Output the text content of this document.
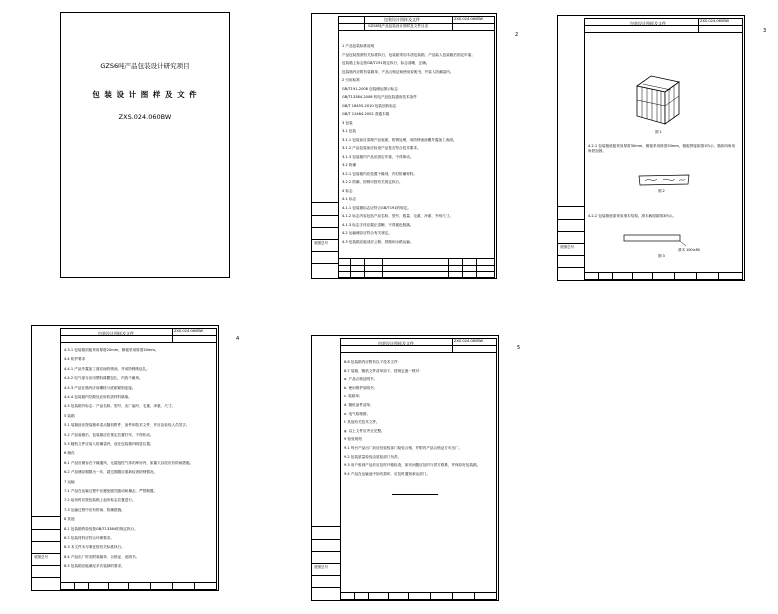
GZS6吨产品包装设计研究项目
包 装 设 计 图 样 及 文 件
ZXS.024.060BW
包装设计图样及文件	ZXS.024.060BW
GZS6吨产品包装设计图样及文件目录
1 产品包装标准说明
产品包装按照有关标准执行，包装箱采用木质包装箱，产品装入包装箱后固定牢靠。
包装箱上标志按GB/T191规定执行，标志清晰、正确。
包装箱内应附有装箱单、产品合格证和使用说明书，并装入防潮袋内。
2 引用标准
GB/T191-2008 包装储运图示标志
GB/T13384-2008 机电产品包装通用技术条件
GB/T 18455-2010 包装回收标志
GB/T 12464-2002 普通木箱
3 包装
3.1 包装
3.1.1 包装前应清理产品表面，防锈处理，用防锈油涂覆外露加工表面。
3.1.2 产品包装前应检查产品是否符合技术要求。
3.1.3 包装箱内产品应固定牢靠，不得窜动。
3.2 防潮
3.2.1 包装箱内应放置干燥剂，内衬防潮材料。
3.2.2 防潮、防锈可按有关规定执行。
4 标志
4.1 标志
4.1.1 包装箱标志应符合GB/T191的规定。
4.1.2 标志内容包括产品名称、型号、数量、毛重、净重、外形尺寸。
4.1.3 标志字体应端正清晰，不得褪色脱落。
4.2 运输储存应符合有关规定。
4.3 包装箱应能适应公路、铁路和水路运输。
底图总号
2
包装设计图样及文件	ZXS.024.060BW
图 1
4.2.1 包装箱底板采用厚度30mm，侧板采用厚度20mm，箱板拼接如图1所示，箱体四角用角铁加固。
图 2
4.2.2 包装箱底部采用滑木结构，滑木截面如图3所示。
滑木 100×80
图 3
底图总号
3
包装设计图样及文件	ZXS.024.060BW
4.3.1 包装箱顶板采用厚度20mm，侧板采用厚度20mm。
4.4 防护要求
4.4.1 产品外露加工面应涂防锈油，并用防锈纸包扎。
4.4.2 电气部分应用塑料薄膜包扎，内放干燥剂。
4.4.3 产品在箱内应用螺栓与底座紧固连接。
4.4.4 包装箱内空隙处应用软质材料填塞。
4.5 包装箱外标志：产品名称、型号、出厂编号、毛重、净重、尺寸。
5 装箱
5.1 装箱前应按装箱单清点随机附件、备件和技术文件，并应由检验人员签字。
5.2 产品装箱后，包装箱应在规定位置钉牢，不得松动。
5.3 随机文件应装入防潮袋内，放在包装箱内明显位置。
6 储存
6.1 产品应储存在干燥通风、无腐蚀性气体的库房内，如露天存放应有防雨措施。
6.2 产品储存期限为一年，超过期限应重新检查防锈情况。
7 运输
7.1 产品在运输过程中应避免剧烈振动和撞击，严禁倒置。
7.2 起吊时应按包装箱上起吊标志位置进行。
7.3 运输过程中应有防雨、防潮措施。
8 其他
8.1 包装箱的检验按GB/T13384的规定执行。
8.2 包装材料应符合环保要求。
8.3 本文件未尽事宜按有关标准执行。
8.4 产品出厂时应附装箱单、合格证、说明书。
8.5 包装箱应能满足多次装卸的要求。
底图总号
4
包装设计图样及文件	ZXS.024.060BW
8.6 包装箱内应附有以下技术文件：
8.7 装箱、随机文件清单如下，按规定逐一核对：
a. 产品合格证明书；
b. 使用维护说明书；
c. 装箱单；
d. 随机备件清单；
e. 电气原理图；
f. 其他有关技术文件。
g. 以上文件应齐全完整。
9 检验规则
9.1 每台产品出厂前应经检验部门检验合格，并附有产品合格证方可出厂。
9.2 包装质量检验由质检部门负责。
9.3 用户收到产品后应及时开箱检查，如有问题应及时与供方联系，并保存好包装箱。
9.4 产品在运输途中如有损坏，应及时通知承运部门。
底图总号
5
